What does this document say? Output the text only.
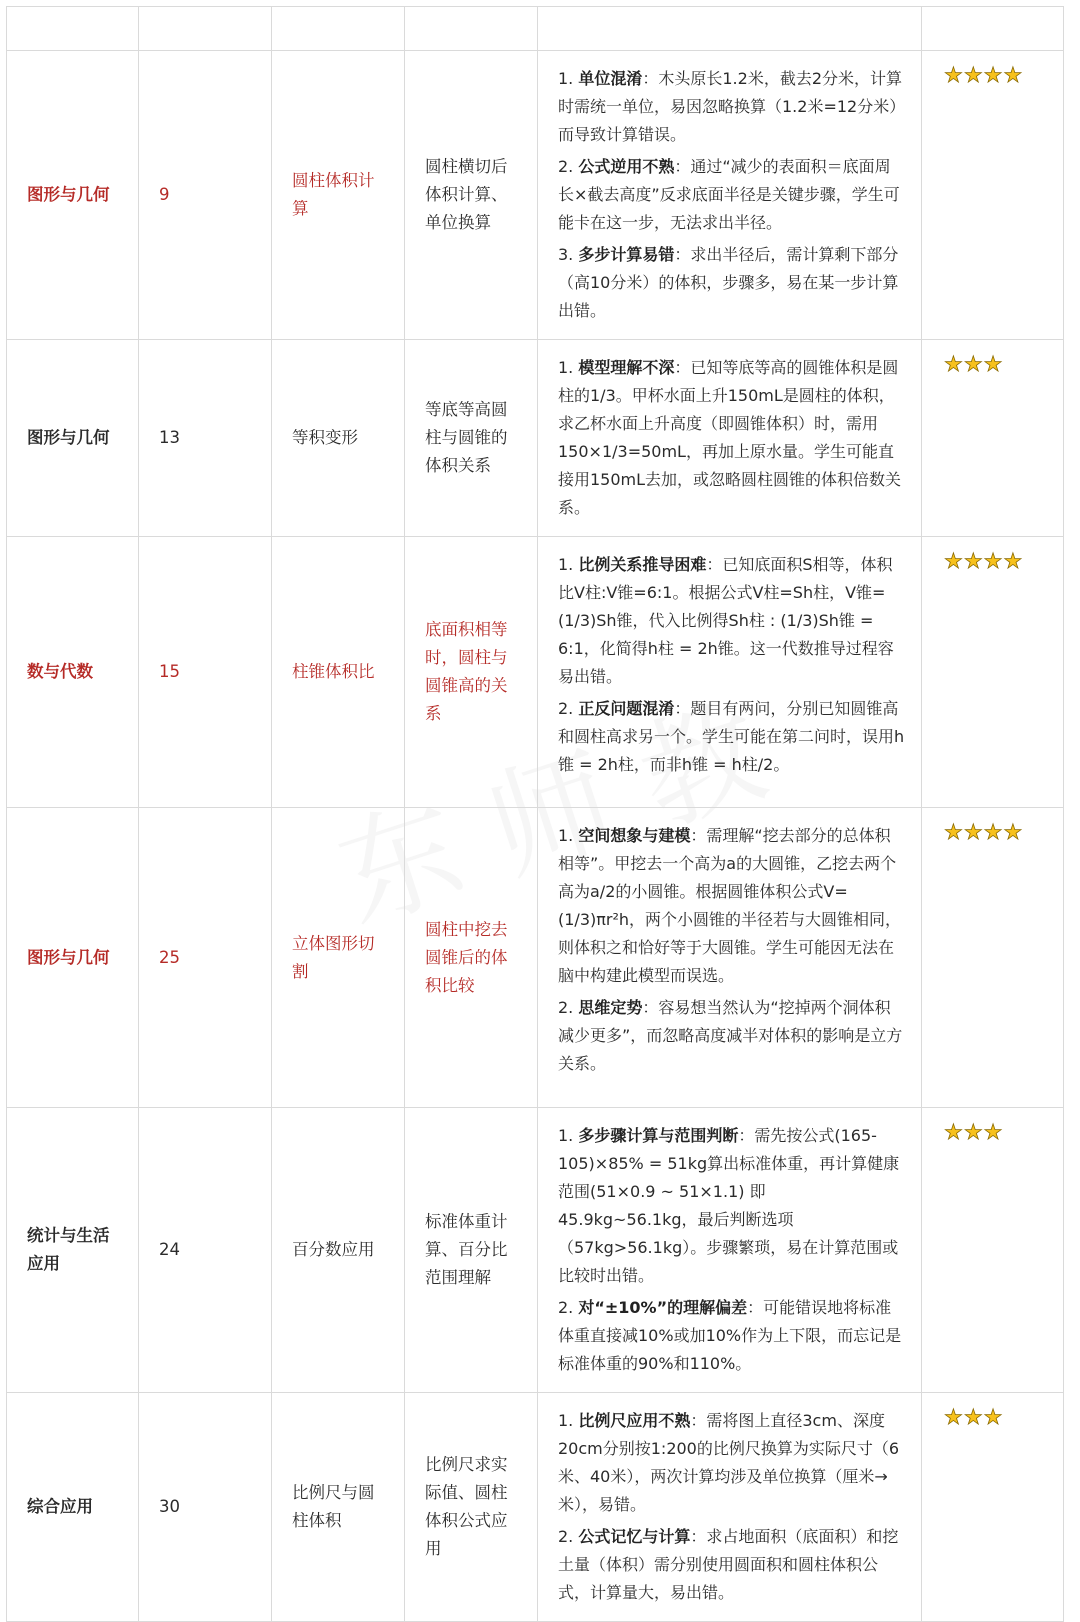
图形与几何	9	圆柱体积计算	圆柱横切后体积计算、单位换算	1. 单位混淆：木头原长1.2米，截去2分米，计算时需统一单位，易因忽略换算（1.2米=12分米）而导致计算错误。

2. 公式逆用不熟：通过“减少的表面积＝底面周长×截去高度”反求底面半径是关键步骤，学生可能卡在这一步，无法求出半径。

3. 多步计算易错：求出半径后，需计算剩下部分（高10分米）的体积，步骤多，易在某一步计算出错。	★★★★

图形与几何	13	等积变形	等底等高圆柱与圆锥的体积关系	1. 模型理解不深：已知等底等高的圆锥体积是圆柱的1/3。甲杯水面上升150mL是圆柱的体积，求乙杯水面上升高度（即圆锥体积）时，需用150×1/3=50mL，再加上原水量。学生可能直接用150mL去加，或忽略圆柱圆锥的体积倍数关系。	★★★

数与代数	15	柱锥体积比	底面积相等时，圆柱与圆锥高的关系	1. 比例关系推导困难：已知底面积S相等，体积比V柱:V锥=6:1。根据公式V柱=Sh柱，V锥=(1/3)Sh锥，代入比例得Sh柱 : (1/3)Sh锥 = 6:1，化简得h柱 = 2h锥。这一代数推导过程容易出错。

2. 正反问题混淆：题目有两问，分别已知圆锥高和圆柱高求另一个。学生可能在第二问时，误用h锥 = 2h柱，而非h锥 = h柱/2。	★★★★

图形与几何	25	立体图形切割	圆柱中挖去圆锥后的体积比较	1. 空间想象与建模：需理解“挖去部分的总体积相等”。甲挖去一个高为a的大圆锥，乙挖去两个高为a/2的小圆锥。根据圆锥体积公式V=(1/3)πr²h，两个小圆锥的半径若与大圆锥相同，则体积之和恰好等于大圆锥。学生可能因无法在脑中构建此模型而误选。

2. 思维定势：容易想当然认为“挖掉两个洞体积减少更多”，而忽略高度减半对体积的影响是立方关系。	★★★★

统计与生活应用	24	百分数应用	标准体重计算、百分比范围理解	1. 多步骤计算与范围判断：需先按公式(165-105)×85% = 51kg算出标准体重，再计算健康范围(51×0.9 ~ 51×1.1) 即45.9kg~56.1kg，最后判断选项（57kg>56.1kg）。步骤繁琐，易在计算范围或比较时出错。

2. 对“±10%”的理解偏差：可能错误地将标准体重直接减10%或加10%作为上下限，而忘记是标准体重的90%和110%。	★★★

综合应用	30	比例尺与圆柱体积	比例尺求实际值、圆柱体积公式应用	1. 比例尺应用不熟：需将图上直径3cm、深度20cm分别按1:200的比例尺换算为实际尺寸（6米、40米），两次计算均涉及单位换算（厘米→米），易错。

2. 公式记忆与计算：求占地面积（底面积）和挖土量（体积）需分别使用圆面积和圆柱体积公式，计算量大，易出错。	★★★
